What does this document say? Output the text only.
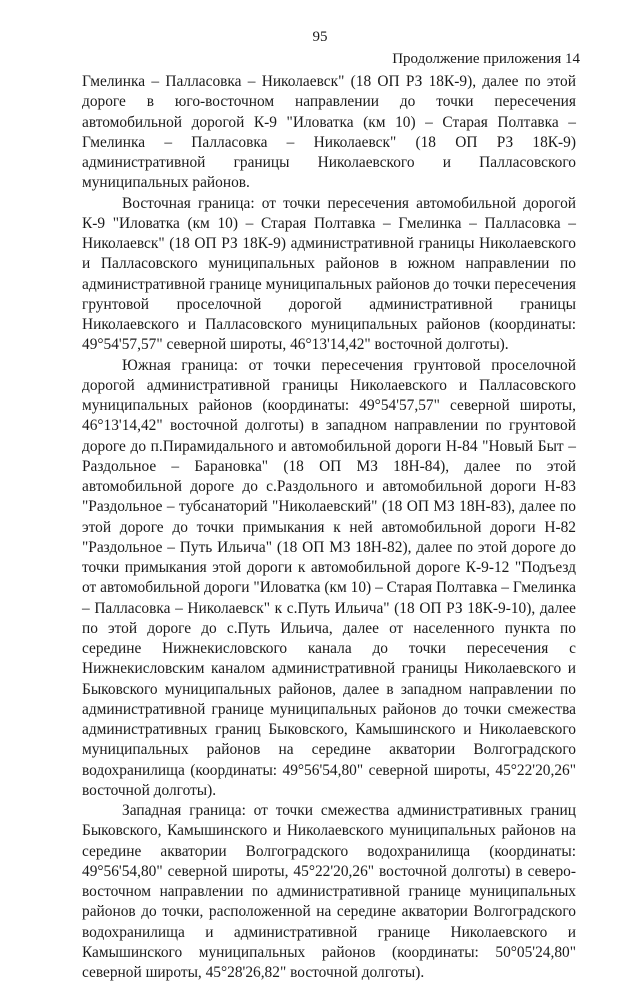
95
Продолжение приложения 14

Гмелинка – Палласовка – Николаевск" (18 ОП РЗ 18К-9), далее по этой дороге в юго-восточном направлении до точки пересечения автомобильной дорогой К-9 "Иловатка (км 10) – Старая Полтавка – Гмелинка – Палласовка – Николаевск" (18 ОП РЗ 18К-9) административной границы Николаевского и Палласовского муниципальных районов.

Восточная граница: от точки пересечения автомобильной дорогой К-9 "Иловатка (км 10) – Старая Полтавка – Гмелинка – Палласовка – Николаевск" (18 ОП РЗ 18К-9) административной границы Николаевского и Палласовского муниципальных районов в южном направлении по административной границе муниципальных районов до точки пересечения грунтовой проселочной дорогой административной границы Николаевского и Палласовского муниципальных районов (координаты: 49°54'57,57" северной широты, 46°13'14,42" восточной долготы).

Южная граница: от точки пересечения грунтовой проселочной дорогой административной границы Николаевского и Палласовского муниципальных районов (координаты: 49°54'57,57" северной широты, 46°13'14,42" восточной долготы) в западном направлении по грунтовой дороге до п.Пирамидального и автомобильной дороги Н-84 "Новый Быт – Раздольное – Барановка" (18 ОП МЗ 18Н-84), далее по этой автомобильной дороге до с.Раздольного и автомобильной дороги Н-83 "Раздольное – тубсанаторий "Николаевский" (18 ОП МЗ 18Н-83), далее по этой дороге до точки примыкания к ней автомобильной дороги Н-82 "Раздольное – Путь Ильича" (18 ОП МЗ 18Н-82), далее по этой дороге до точки примыкания этой дороги к автомобильной дороге К-9-12 "Подъезд от автомобильной дороги "Иловатка (км 10) – Старая Полтавка – Гмелинка – Палласовка – Николаевск" к с.Путь Ильича" (18 ОП РЗ 18К-9-10), далее по этой дороге до с.Путь Ильича, далее от населенного пункта по середине Нижнекисловского канала до точки пересечения с Нижнекисловским каналом административной границы Николаевского и Быковского муниципальных районов, далее в западном направлении по административной границе муниципальных районов до точки смежества административных границ Быковского, Камышинского и Николаевского муниципальных районов на середине акватории Волгоградского водохранилища (координаты: 49°56'54,80" северной широты, 45°22'20,26" восточной долготы).

Западная граница: от точки смежества административных границ Быковского, Камышинского и Николаевского муниципальных районов на середине акватории Волгоградского водохранилища (координаты: 49°56'54,80" северной широты, 45°22'20,26" восточной долготы) в северо-восточном направлении по административной границе муниципальных районов до точки, расположенной на середине акватории Волгоградского водохранилища и административной границе Николаевского и Камышинского муниципальных районов (координаты: 50°05'24,80" северной широты, 45°28'26,82" восточной долготы).
